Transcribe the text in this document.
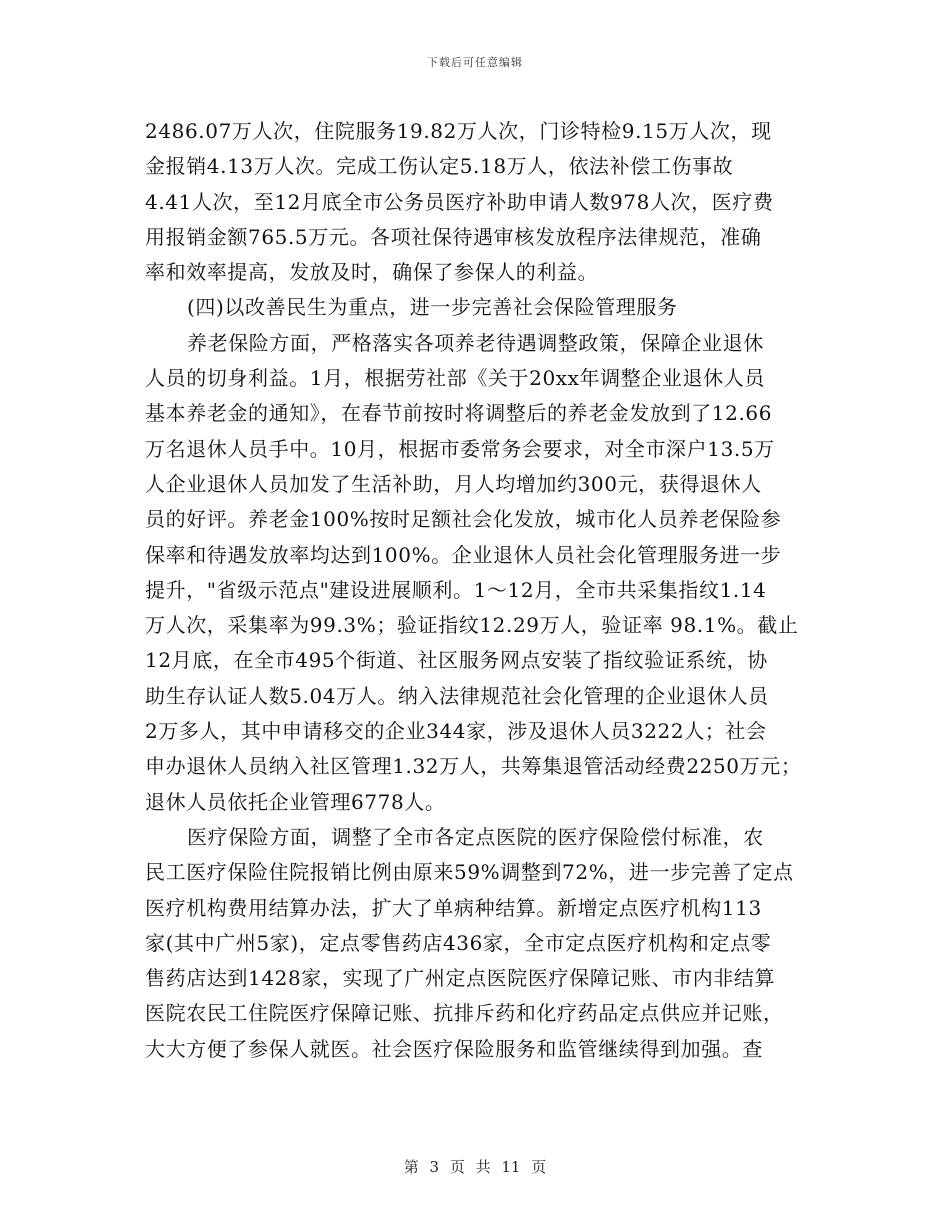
下载后可任意编辑
2486.07万人次，住院服务19.82万人次，门诊特检9.15万人次，现
金报销4.13万人次。完成工伤认定5.18万人，依法补偿工伤事故
4.41人次，至12月底全市公务员医疗补助申请人数978人次，医疗费
用报销金额765.5万元。各项社保待遇审核发放程序法律规范，准确
率和效率提高，发放及时，确保了参保人的利益。
(四)以改善民生为重点，进一步完善社会保险管理服务
养老保险方面，严格落实各项养老待遇调整政策，保障企业退休
人员的切身利益。1月，根据劳社部《关于20xx年调整企业退休人员
基本养老金的通知》，在春节前按时将调整后的养老金发放到了12.66
万名退休人员手中。10月，根据市委常务会要求，对全市深户13.5万
人企业退休人员加发了生活补助，月人均增加约300元，获得退休人
员的好评。养老金100%按时足额社会化发放，城市化人员养老保险参
保率和待遇发放率均达到100%。企业退休人员社会化管理服务进一步
提升，"省级示范点"建设进展顺利。1～12月，全市共采集指纹1.14
万人次，采集率为99.3%；验证指纹12.29万人，验证率 98.1%。截止
12月底，在全市495个街道、社区服务网点安装了指纹验证系统，协
助生存认证人数5.04万人。纳入法律规范社会化管理的企业退休人员
2万多人，其中申请移交的企业344家，涉及退休人员3222人；社会
申办退休人员纳入社区管理1.32万人，共筹集退管活动经费2250万元；
退休人员依托企业管理6778人。
医疗保险方面，调整了全市各定点医院的医疗保险偿付标准，农
民工医疗保险住院报销比例由原来59%调整到72%，进一步完善了定点
医疗机构费用结算办法，扩大了单病种结算。新增定点医疗机构113
家(其中广州5家)，定点零售药店436家，全市定点医疗机构和定点零
售药店达到1428家，实现了广州定点医院医疗保障记账、市内非结算
医院农民工住院医疗保障记账、抗排斥药和化疗药品定点供应并记账，
大大方便了参保人就医。社会医疗保险服务和监管继续得到加强。查
第 3 页 共 11 页
